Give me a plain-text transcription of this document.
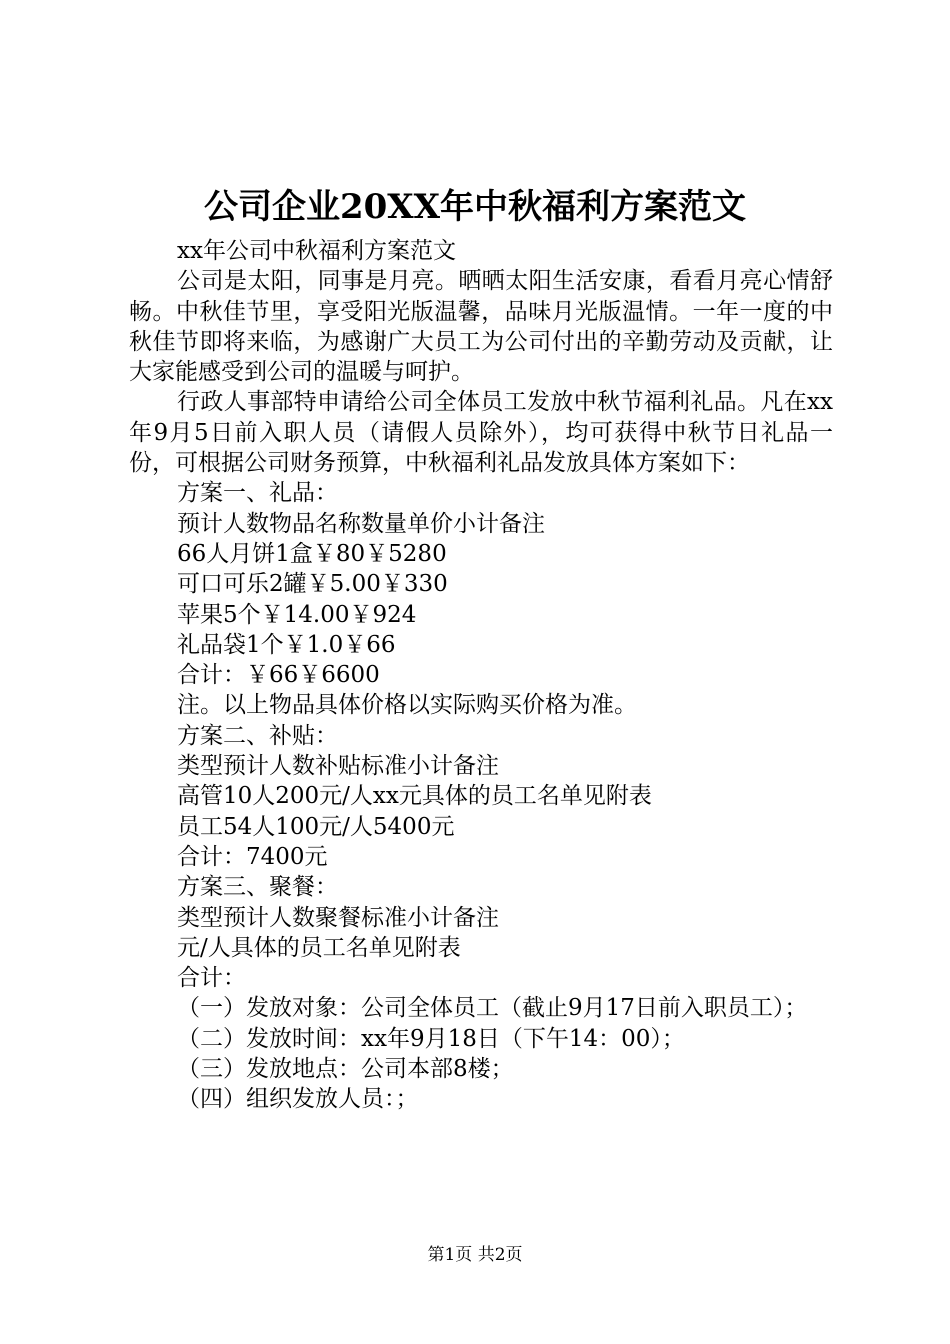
公司企业20XX年中秋福利方案范文

xx年公司中秋福利方案范文

公司是太阳，同事是月亮。晒晒太阳生活安康，看看月亮心情舒畅。中秋佳节里，享受阳光版温馨，品味月光版温情。一年一度的中秋佳节即将来临，为感谢广大员工为公司付出的辛勤劳动及贡献，让大家能感受到公司的温暖与呵护。

行政人事部特申请给公司全体员工发放中秋节福利礼品。凡在xx年9月5日前入职人员（请假人员除外），均可获得中秋节日礼品一份，可根据公司财务预算，中秋福利礼品发放具体方案如下：

方案一、礼品：

预计人数物品名称数量单价小计备注

66人月饼1盒￥80￥5280

可口可乐2罐￥5.00￥330

苹果5个￥14.00￥924

礼品袋1个￥1.0￥66

合计：￥66￥6600

注。以上物品具体价格以实际购买价格为准。

方案二、补贴：

类型预计人数补贴标准小计备注

高管10人200元/人xx元具体的员工名单见附表

员工54人100元/人5400元

合计：7400元

方案三、聚餐：

类型预计人数聚餐标准小计备注

元/人具体的员工名单见附表

合计：

（一）发放对象：公司全体员工（截止9月17日前入职员工）；

（二）发放时间：xx年9月18日（下午14：00）；

（三）发放地点：公司本部8楼；

（四）组织发放人员：；

第1页 共2页
